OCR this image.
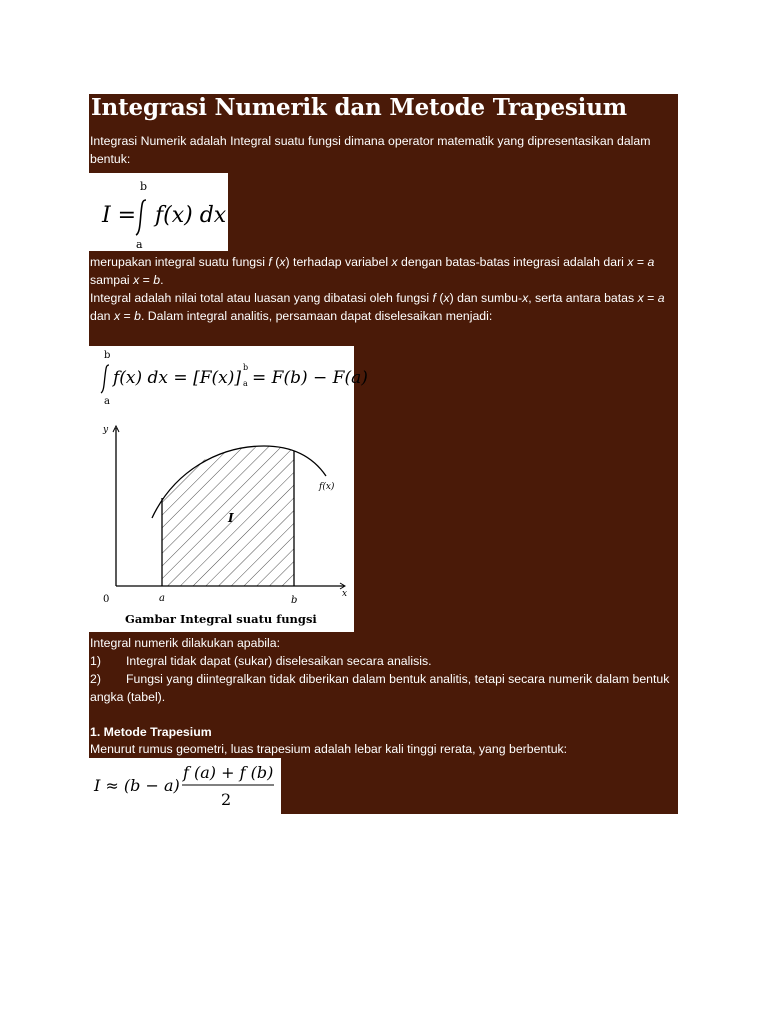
Integrasi Numerik dan Metode Trapesium

Integrasi Numerik adalah Integral suatu fungsi dimana operator matematik yang dipresentasikan dalam bentuk:

b
I = f(x) dx
a

merupakan integral suatu fungsi f (x) terhadap variabel x dengan batas-batas integrasi adalah dari x = a sampai x = b.

Integral adalah nilai total atau luasan yang dibatasi oleh fungsi f (x) dan sumbu-x, serta antara batas x = a dan x = b. Dalam integral analitis, persamaan dapat diselesaikan menjadi:

b
f(x) dx = [F(x)]
b
a = F(b) − F(a)
a
y
x
0	a	b
f(x)
I
Gambar Integral suatu fungsi

Integral numerik dilakukan apabila:

1) Integral tidak dapat (sukar) diselesaikan secara analisis.
2) Fungsi yang diintegralkan tidak diberikan dalam bentuk analitis, tetapi secara numerik dalam bentuk angka (tabel).

1. Metode Trapesium

Menurut rumus geometri, luas trapesium adalah lebar kali tinggi rerata, yang berbentuk:

I ≈ (b − a)
f (a) + f (b)
2
